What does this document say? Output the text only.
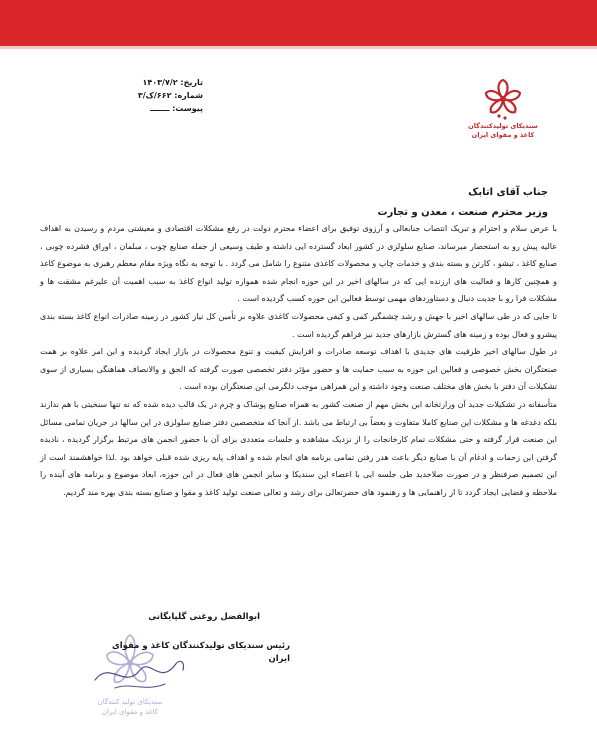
تاریخ: ۱۴۰۳/۷/۲
شماره: ۶۶۲/ک/۳
پیوست: ـــــــ
سندیکای تولیدکنندگان
کاغذ و مقوای ایران
جناب آقای اتابک
وزیر محترم صنعت ، معدن و تجارت

با عرض سلام و احترام و تبریک انتصاب جنابعالی و آرزوی توفیق برای اعضاء محترم دولت در رفع مشکلات اقتصادی و معیشتی مردم و رسیدن به اهداف عالیه پیش رو به استحضار میرساند، صنایع سلولزی در کشور ابعاد گسترده ایی داشته و طیف وسیعی از جمله صنایع چوب ، مبلمان ، اوراق فشرده چوبی ، صنایع کاغذ ، تیشو ، کارتن و بسته بندی و خدمات چاپ و محصولات کاغذی متنوع را شامل می گردد . با توجه به نگاه ویژه مقام معظم رهبری به موضوع کاغذ و همچنین کارها و فعالیت های ارزنده ایی که در سالهای اخیر در این حوزه انجام شده همواره تولید انواع کاغذ به سبب اهمیت آن علیرغم مشقت ها و مشکلات فرا رو با جدیت دنبال و دستاوردهای مهمی توسط فعالین این حوزه کسب گردیده است .

تا جایی که در طی سالهای اخیر با جهش و رشد چشمگیر کمی و کیفی محصولات کاغذی علاوه بر تأمین کل نیاز کشور در زمینه صادرات انواع کاغذ بسته بندی پیشرو و فعال بوده و زمینه های گسترش بازارهای جدید نیز فراهم گردیده است .

در طول سالهای اخیر ظرفیت های جدیدی با اهداف توسعه صادرات و افزایش کیفیت و تنوع محصولات در بازار ایجاد گردیده و این امر علاوه بر همت صنعتگران بخش خصوصی و فعالین این حوزه به سبب حمایت ها و حضور مؤثر دفتر تخصصی صورت گرفته که الحق و والانصاف هماهنگی بسیاری از سوی تشکیلات آن دفتر با بخش های مختلف صنعت وجود داشته و این همراهی موجب دلگرمی این صنعتگران بوده است .

متأسفانه در تشکیلات جدید آن وزارتخانه این بخش مهم از صنعت کشور به همراه صنایع پوشاک و چرم در یک قالب دیده شده که نه تنها سنخیتی با هم ندارند بلکه دغدغه ها و مشکلات این صنایع کاملا متفاوت و بعضاً بی ارتباط می باشد .از آنجا که متخصصین دفتر صنایع سلولزی در این سالها در جریان تمامی مسائل این صنعت قرار گرفته و حتی مشکلات تمام کارخانجات را از نزدیک مشاهده و جلسات متعددی برای آن با حضور انجمن های مرتبط برگزار گردیده ، نادیده گرفتن این زحمات و ادغام آن با صنایع دیگر باعث هدر رفتن تمامی برنامه های انجام شده و اهداف پایه ریزی شده قبلی خواهد بود .لذا خواهشمند است از این تصمیم صرفنظر و در صورت صلاحدید طی جلسه ایی با اعضاء این سندیکا و سایر انجمن های فعال در این حوزه، ابعاد موضوع و برنامه های آینده را ملاحظه و فضایی ایجاد گردد تا از راهنمایی ها و رهنمود های حضرتعالی برای رشد و تعالی صنعت تولید کاغذ و مقوا و صنایع بسته بندی بهره مند گردیم.

سندیکای تولید کنندگان
کاغذ و مقوای ایران
ابوالفضل روغنی گلپایگانی
رئیس سندیکای تولیدکنندگان کاغذ و مقوای ایران
